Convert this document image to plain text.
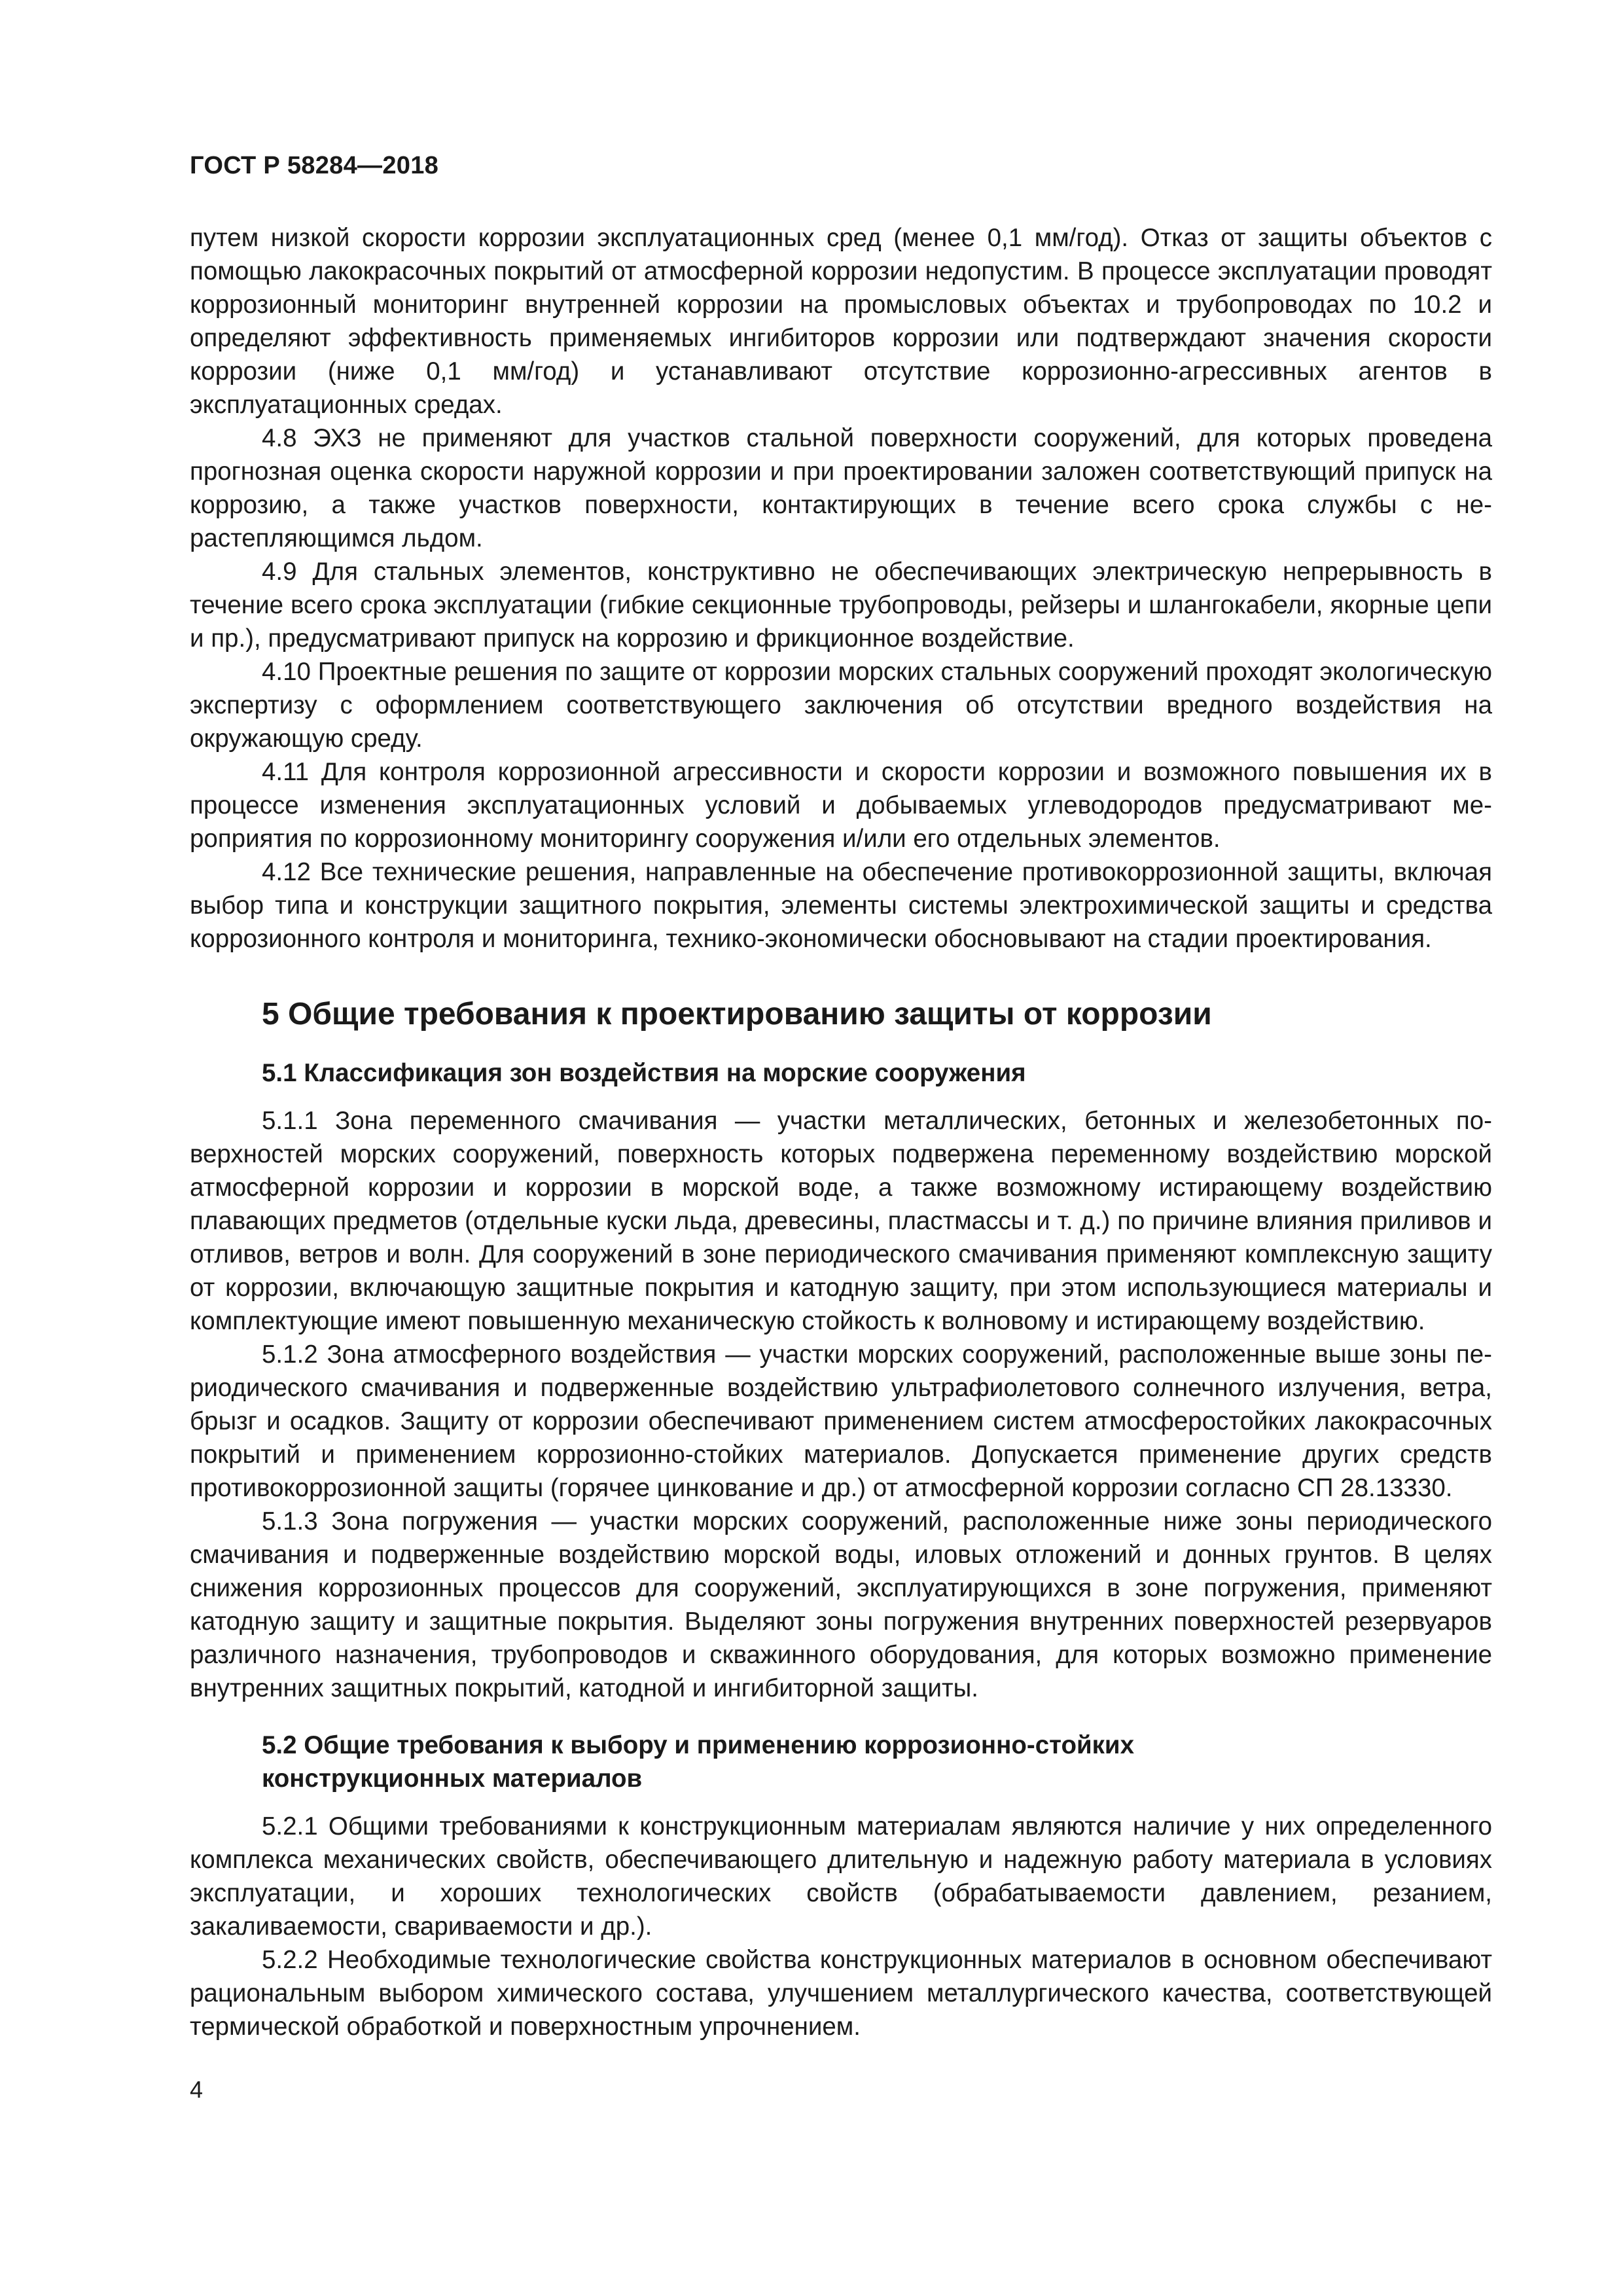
ГОСТ Р 58284—2018

путем низкой скорости коррозии эксплуатационных сред (менее 0,1 мм/год). Отказ от защиты объектов с помощью лакокрасочных покрытий от атмосферной коррозии недопустим. В процессе эксплуатации проводят коррозионный мониторинг внутренней коррозии на промысловых объектах и трубопроводах по 10.2 и определяют эффективность применяемых ингибиторов коррозии или подтверждают значения скорости коррозии (ниже 0,1 мм/год) и устанавливают отсутствие коррозионно-агрессивных агентов в эксплуатационных средах.

4.8 ЭХЗ не применяют для участков стальной поверхности сооружений, для которых проведена прогнозная оценка скорости наружной коррозии и при проектировании заложен соответствующий припуск на коррозию, а также участков поверхности, контактирующих в течение всего срока службы с нерастепляющимся льдом.

4.9 Для стальных элементов, конструктивно не обеспечивающих электрическую непрерывность в течение всего срока эксплуатации (гибкие секционные трубопроводы, рейзеры и шлангокабели, якорные цепи и пр.), предусматривают припуск на коррозию и фрикционное воздействие.

4.10 Проектные решения по защите от коррозии морских стальных сооружений проходят экологическую экспертизу с оформлением соответствующего заключения об отсутствии вредного воздействия на окружающую среду.

4.11 Для контроля коррозионной агрессивности и скорости коррозии и возможного повышения их в процессе изменения эксплуатационных условий и добываемых углеводородов предусматривают мероприятия по коррозионному мониторингу сооружения и/или его отдельных элементов.

4.12 Все технические решения, направленные на обеспечение противокоррозионной защиты, включая выбор типа и конструкции защитного покрытия, элементы системы электрохимической защиты и средства коррозионного контроля и мониторинга, технико-экономически обосновывают на стадии проектирования.

5 Общие требования к проектированию защиты от коррозии
5.1 Классификация зон воздействия на морские сооружения

5.1.1 Зона переменного смачивания — участки металлических, бетонных и железобетонных поверхностей морских сооружений, поверхность которых подвержена переменному воздействию морской атмосферной коррозии и коррозии в морской воде, а также возможному истирающему воздействию плавающих предметов (отдельные куски льда, древесины, пластмассы и т. д.) по причине влияния приливов и отливов, ветров и волн. Для сооружений в зоне периодического смачивания применяют комплексную защиту от коррозии, включающую защитные покрытия и катодную защиту, при этом использующиеся материалы и комплектующие имеют повышенную механическую стойкость к волновому и истирающему воздействию.

5.1.2 Зона атмосферного воздействия — участки морских сооружений, расположенные выше зоны периодического смачивания и подверженные воздействию ультрафиолетового солнечного излучения, ветра, брызг и осадков. Защиту от коррозии обеспечивают применением систем атмосферостойких лакокрасочных покрытий и применением коррозионно-стойких материалов. Допускается применение других средств противокоррозионной защиты (горячее цинкование и др.) от атмосферной коррозии согласно СП 28.13330.

5.1.3 Зона погружения — участки морских сооружений, расположенные ниже зоны периодического смачивания и подверженные воздействию морской воды, иловых отложений и донных грунтов. В целях снижения коррозионных процессов для сооружений, эксплуатирующихся в зоне погружения, применяют катодную защиту и защитные покрытия. Выделяют зоны погружения внутренних поверхностей резервуаров различного назначения, трубопроводов и скважинного оборудования, для которых возможно применение внутренних защитных покрытий, катодной и ингибиторной защиты.

5.2 Общие требования к выбору и применению коррозионно-стойких
конструкционных материалов

5.2.1 Общими требованиями к конструкционным материалам являются наличие у них определенного комплекса механических свойств, обеспечивающего длительную и надежную работу материала в условиях эксплуатации, и хороших технологических свойств (обрабатываемости давлением, резанием, закаливаемости, свариваемости и др.).

5.2.2 Необходимые технологические свойства конструкционных материалов в основном обеспечивают рациональным выбором химического состава, улучшением металлургического качества, соответствующей термической обработкой и поверхностным упрочнением.

4
